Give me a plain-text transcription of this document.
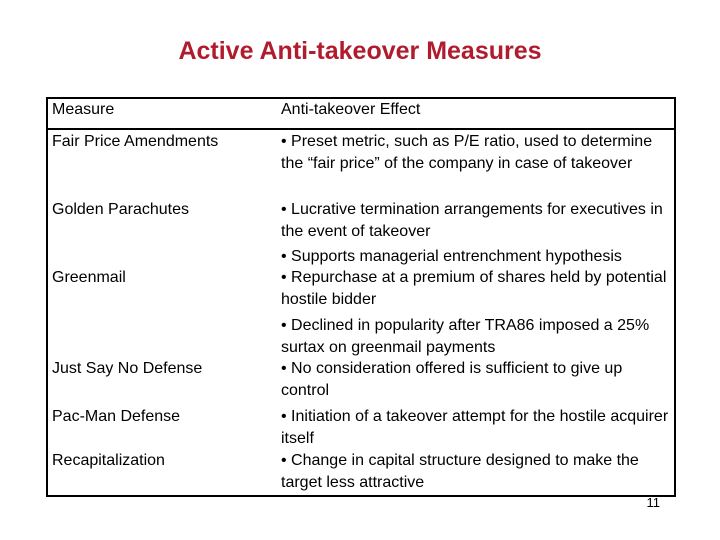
Active Anti-takeover Measures
Measure	Anti-takeover Effect
Fair Price Amendments
Golden Parachutes
Greenmail
Just Say No Defense
Pac-Man Defense
Recapitalization
• Preset metric, such as P/E ratio, used to determine the “fair price” of the company in case of takeover
• Lucrative termination arrangements for executives in the event of takeover
• Supports managerial entrenchment hypothesis
• Repurchase at a premium of shares held by potential hostile bidder
• Declined in popularity after TRA86 imposed a 25% surtax on greenmail payments
• No consideration offered is sufficient to give up control
• Initiation of a takeover attempt for the hostile acquirer itself
• Change in capital structure designed to make the target less attractive
11
